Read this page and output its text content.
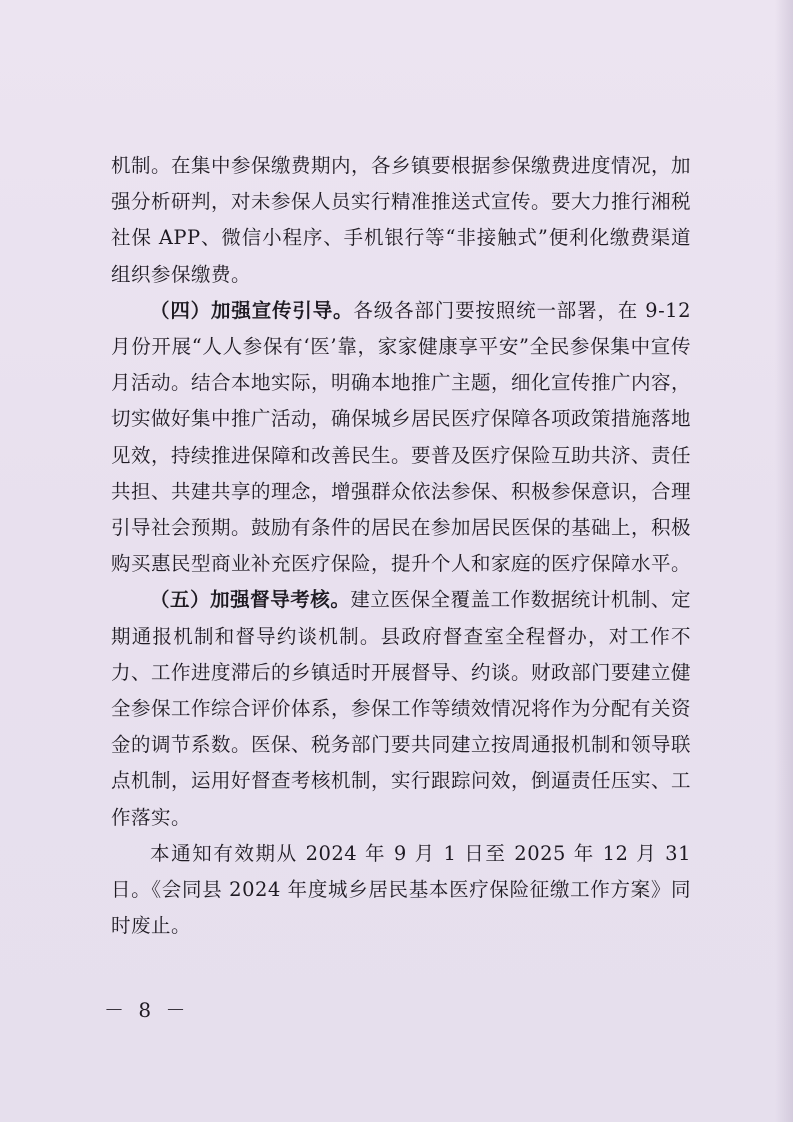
机制。在集中参保缴费期内，各乡镇要根据参保缴费进度情况，加强分析研判，对未参保人员实行精准推送式宣传。要大力推行湘税社保 APP、微信小程序、手机银行等“非接触式”便利化缴费渠道组织参保缴费。

（四）加强宣传引导。各级各部门要按照统一部署，在 9-12 月份开展“人人参保有‘医’靠，家家健康享平安”全民参保集中宣传月活动。结合本地实际，明确本地推广主题，细化宣传推广内容，切实做好集中推广活动，确保城乡居民医疗保障各项政策措施落地见效，持续推进保障和改善民生。要普及医疗保险互助共济、责任共担、共建共享的理念，增强群众依法参保、积极参保意识，合理引导社会预期。鼓励有条件的居民在参加居民医保的基础上，积极购买惠民型商业补充医疗保险，提升个人和家庭的医疗保障水平。

（五）加强督导考核。建立医保全覆盖工作数据统计机制、定期通报机制和督导约谈机制。县政府督查室全程督办，对工作不力、工作进度滞后的乡镇适时开展督导、约谈。财政部门要建立健全参保工作综合评价体系，参保工作等绩效情况将作为分配有关资金的调节系数。医保、税务部门要共同建立按周通报机制和领导联点机制，运用好督查考核机制，实行跟踪问效，倒逼责任压实、工作落实。

本通知有效期从 2024 年 9 月 1 日至 2025 年 12 月 31 日。《会同县 2024 年度城乡居民基本医疗保险征缴工作方案》同时废止。

－ 8 －
